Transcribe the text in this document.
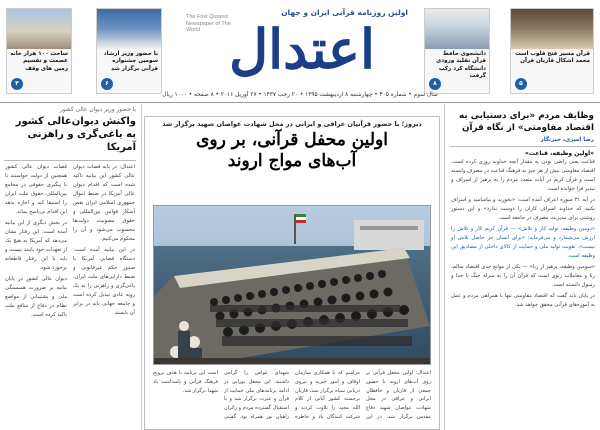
ساخت ۱۰۰ هزار خانه عصمت و تقسیم زمین های وقف
۴
با حضور وزیر ارشاد سومین جشنواره قرآنی برگزار شد
۶
اولین روزنامه قرآنی ایران و جهان
اعتدال
The First Quranic Newspaper of The World
دانشجوی حافظ قرآن تقلید ورودی دانشگاه کرد رکب گرفت
۸
قرآن مسیر فتح قلوب است محمد اشکال قاریان قرآن
۵
سال سوم • شماره ۴۰۵ • چهارشنبه ۸ اردیبهشت ۱۳۹۵ • ۲۰ رجب ۱۴۳۷ • ۲۷ آوریل ۲۰۱۶ • ۸ صفحه • ۱۰۰۰ ریال
با حضور وزیر دیوان عالی کشور
واکنش دیوان‌عالی کشور به یاغی‌گری و راهزنی آمریکا

اعتدال: در پایه قضات دیوان عالی کشور این بیانیه تاکید شده است که اقدام دیوان عالی آمریکا در ضبط اموال جمهوری اسلامی ایران نقض آشکار قوانین بین‌المللی و حقوق مصونیت دولت‌ها محسوب می‌شود و آن را محکوم می‌کنیم.

در این بیانیه آمده است: دستگاه قضایی آمریکا با صدور حکم غیرقانونی و ضبط دارایی‌های ملت ایران، یاغی‌گری و راهزنی را به یک رویه عادی تبدیل کرده است و جامعه جهانی باید در برابر آن بایستد.

قضات دیوان عالی کشور همچنین از دولت خواستند تا با پیگیری حقوقی در مجامع بین‌المللی حقوق ملت ایران را استیفا کند و اجازه ندهد این اقدام بی‌پاسخ بماند.

در بخش دیگری از این بیانیه آمده است: این رفتار نشان می‌دهد که آمریکا به هیچ یک از تعهدات خود پایبند نیست و باید با این رفتار قاطعانه برخورد شود.

دیوان عالی کشور در پایان بیانیه بر ضرورت همبستگی ملی و پشتیبانی از مواضع نظام در دفاع از منافع ملت تاکید کرده است.

دیروز؛ با حضور قرآنیان عراقی و ایرانی در محل شهادت غواصان شهید برگزار شد
اولین محفل قرآنی، بر روی
آب‌های مواج اروند
اعتدال: اولین محفل قرآنی بر روی آب‌های اروند با حضور جمعی از قاریان و حافظان ایرانی و عراقی در محل شهادت غواصان شهید دفاع مقدس برگزار شد. در این مراسم که با همکاری سازمان اوقاف و امور خیریه و نیروی دریایی سپاه برگزار شد، قاریان برجسته کشور آیاتی از کلام الله مجید را تلاوت کردند و شرکت کنندگان یاد و خاطره شهدای غواص را گرامی داشتند. این محفل نورانی در ادامه برنامه‌های ملی حمایت از قرآن و عترت برگزار شد و با استقبال گسترده مردم و زائران راهیان نور همراه بود. گفتنی است این برنامه با هدف ترویج فرهنگ قرآنی و پاسداشت یاد شهدا برگزار شد.
وظایف مردم «برای دستیابی به اقتصاد مقاومتی» از نگاه قرآن
رضا امیری، خبرنگار
«اولین وظیفه، قناعت»

قناعت یعنی راضی بودن به مقدار آنچه خداوند روزی کرده است. اقتصاد مقاومتی بیش از هر چیز به فرهنگ قناعت در مصرف وابسته است و قرآن کریم در آیات متعدد مردم را به پرهیز از اسراف و تبذیر فرا خوانده است.

در آیه ۳۱ سوره اعراف آمده است: «بخورید و بیاشامید و اسراف نکنید که خداوند اسراف کاران را دوست ندارد» و این دستور روشنی برای مدیریت مصرف در جامعه است.

«دومین وظیفه، تولید کار و تلاش» — قرآن کریم کار و تلاش را ارزش می‌شمارد و می‌فرماید: «برای انسان جز حاصل تلاش او نیست». تقویت تولید ملی و حمایت از کالای داخلی از مصادیق این وظیفه است.

«سومین وظیفه، پرهیز از ربا» — یکی از موانع جدی اقتصاد سالم، ربا و معاملات ربوی است که قرآن آن را به منزله جنگ با خدا و رسول دانسته است.

در پایان باید گفت که اقتصاد مقاومتی تنها با همراهی مردم و عمل به آموزه‌های قرآنی محقق خواهد شد.
